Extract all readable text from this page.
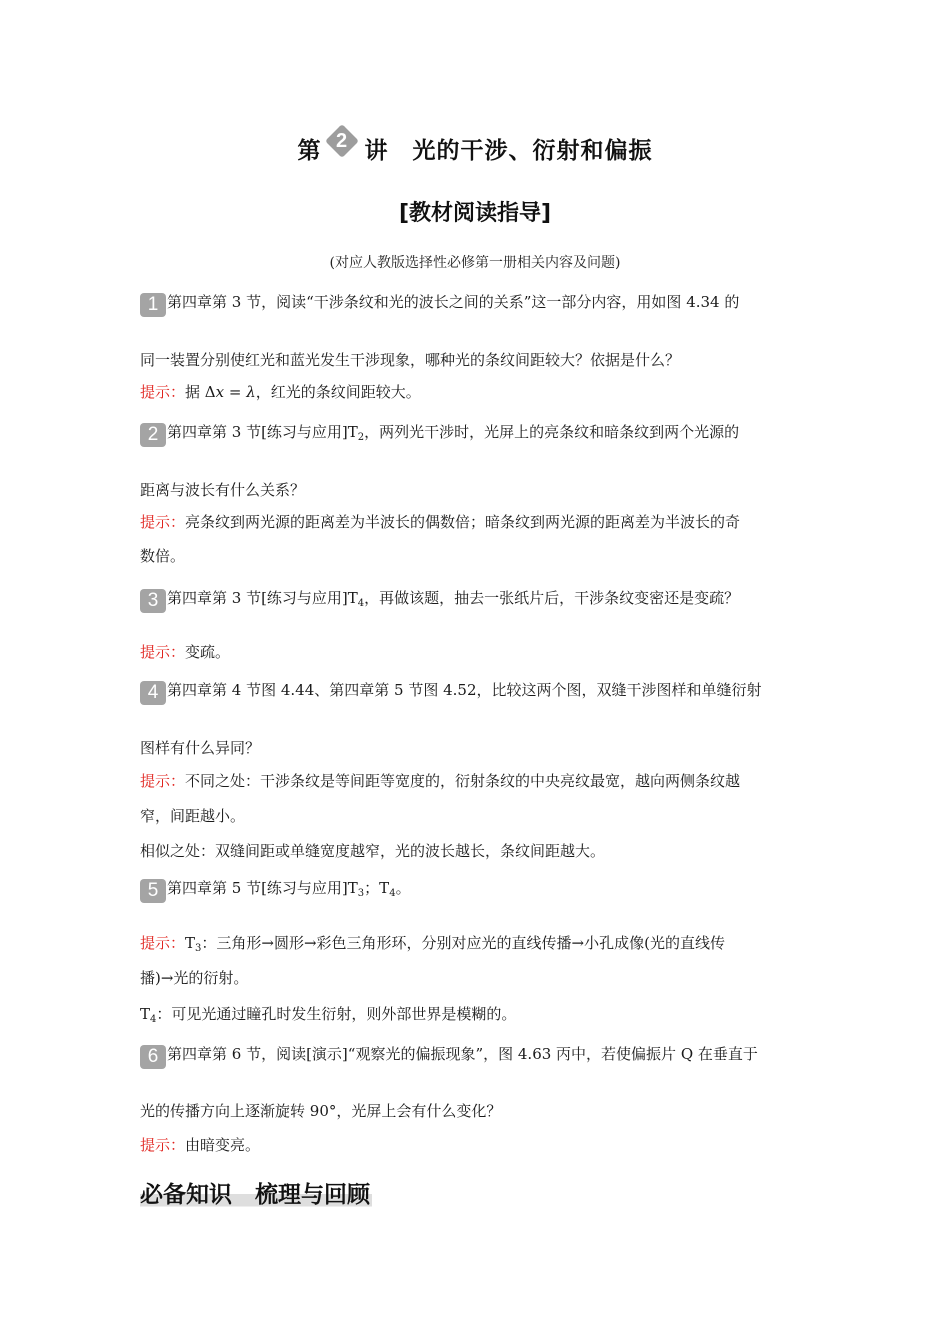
第 2 讲　光的干涉、衍射和偏振
[教材阅读指导]
(对应人教版选择性必修第一册相关内容及问题)
1 第四章第 3 节，阅读“干涉条纹和光的波长之间的关系”这一部分内容，用如图 4.34 的
同一装置分别使红光和蓝光发生干涉现象，哪种光的条纹间距较大？依据是什么？
提示：据 Δx = λ，红光的条纹间距较大。
2 第四章第 3 节[练习与应用]$T_2$，两列光干涉时，光屏上的亮条纹和暗条纹到两个光源的
距离与波长有什么关系？
提示：亮条纹到两光源的距离差为半波长的偶数倍；暗条纹到两光源的距离差为半波长的奇
数倍。
3 第四章第 3 节[练习与应用]$T_4$，再做该题，抽去一张纸片后，干涉条纹变密还是变疏？
提示：变疏。
4 第四章第 4 节图 4.44、第四章第 5 节图 4.52，比较这两个图，双缝干涉图样和单缝衍射
图样有什么异同？
提示：不同之处：干涉条纹是等间距等宽度的，衍射条纹的中央亮纹最宽，越向两侧条纹越
窄，间距越小。
相似之处：双缝间距或单缝宽度越窄，光的波长越长，条纹间距越大。
5 第四章第 5 节[练习与应用]$T_3$；$T_4$。
提示：$T_3$：三角形→圆形→彩色三角形环，分别对应光的直线传播→小孔成像(光的直线传
播)→光的衍射。
$T_4$：可见光通过瞳孔时发生衍射，则外部世界是模糊的。
6 第四章第 6 节，阅读[演示]“观察光的偏振现象”，图 4.63 丙中，若使偏振片 Q 在垂直于
光的传播方向上逐渐旋转 90°，光屏上会有什么变化？
提示：由暗变亮。
必备知识　梳理与回顾
